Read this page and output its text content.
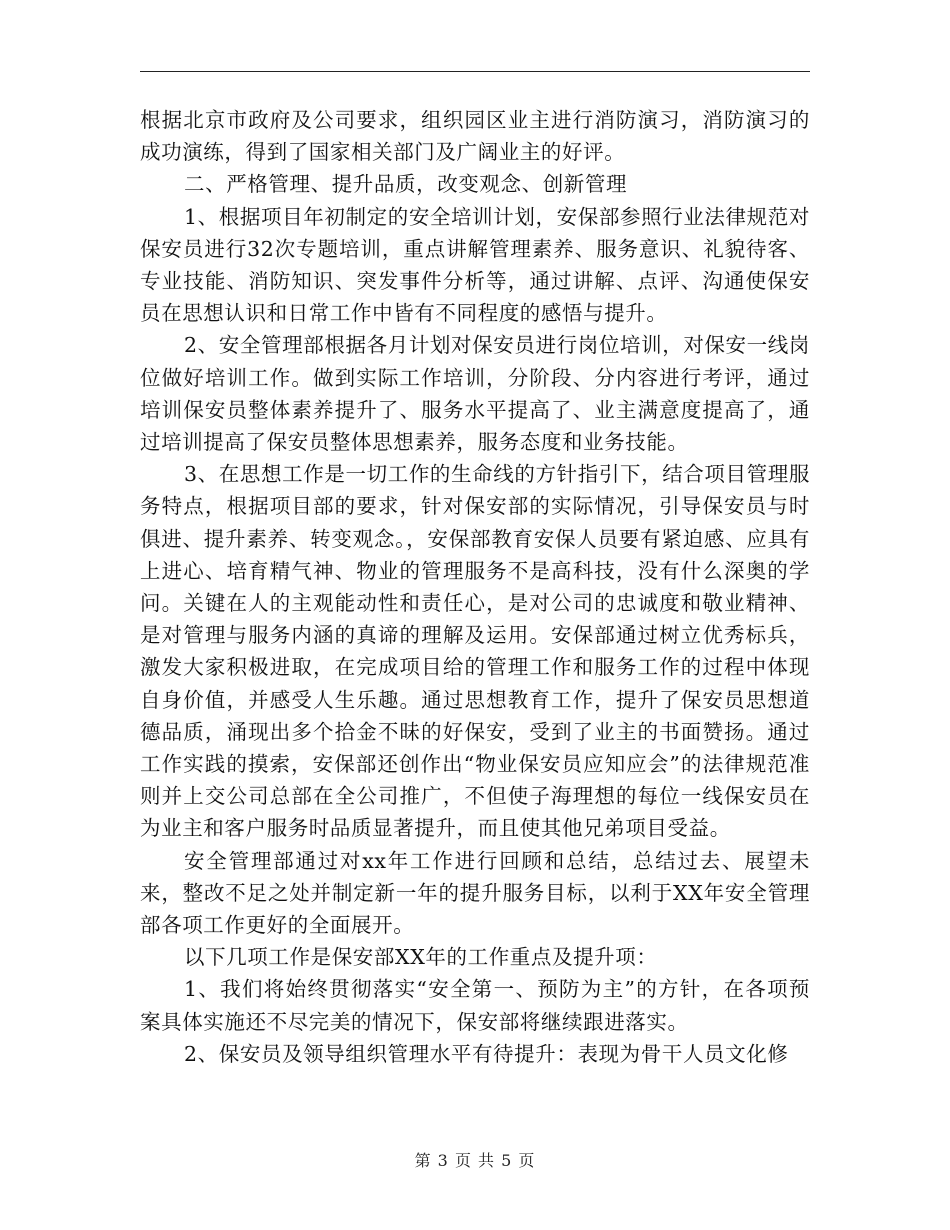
根据北京市政府及公司要求，组织园区业主进行消防演习，消防演习的成功演练，得到了国家相关部门及广阔业主的好评。

二、严格管理、提升品质，改变观念、创新管理

1、根据项目年初制定的安全培训计划，安保部参照行业法律规范对保安员进行32次专题培训，重点讲解管理素养、服务意识、礼貌待客、专业技能、消防知识、突发事件分析等，通过讲解、点评、沟通使保安员在思想认识和日常工作中皆有不同程度的感悟与提升。

2、安全管理部根据各月计划对保安员进行岗位培训，对保安一线岗位做好培训工作。做到实际工作培训，分阶段、分内容进行考评，通过培训保安员整体素养提升了、服务水平提高了、业主满意度提高了，通过培训提高了保安员整体思想素养，服务态度和业务技能。

3、在思想工作是一切工作的生命线的方针指引下，结合项目管理服务特点，根据项目部的要求，针对保安部的实际情况，引导保安员与时俱进、提升素养、转变观念。，安保部教育安保人员要有紧迫感、应具有上进心、培育精气神、物业的管理服务不是高科技，没有什么深奥的学问。关键在人的主观能动性和责任心，是对公司的忠诚度和敬业精神、是对管理与服务内涵的真谛的理解及运用。安保部通过树立优秀标兵，激发大家积极进取，在完成项目给的管理工作和服务工作的过程中体现自身价值，并感受人生乐趣。通过思想教育工作，提升了保安员思想道德品质，涌现出多个拾金不昧的好保安，受到了业主的书面赞扬。通过工作实践的摸索，安保部还创作出“物业保安员应知应会”的法律规范准则并上交公司总部在全公司推广，不但使子海理想的每位一线保安员在为业主和客户服务时品质显著提升，而且使其他兄弟项目受益。

安全管理部通过对xx年工作进行回顾和总结，总结过去、展望未来，整改不足之处并制定新一年的提升服务目标，以利于XX年安全管理部各项工作更好的全面展开。

以下几项工作是保安部XX年的工作重点及提升项：

1、我们将始终贯彻落实“安全第一、预防为主”的方针，在各项预案具体实施还不尽完美的情况下，保安部将继续跟进落实。

2、保安员及领导组织管理水平有待提升：表现为骨干人员文化修

第 3 页 共 5 页
